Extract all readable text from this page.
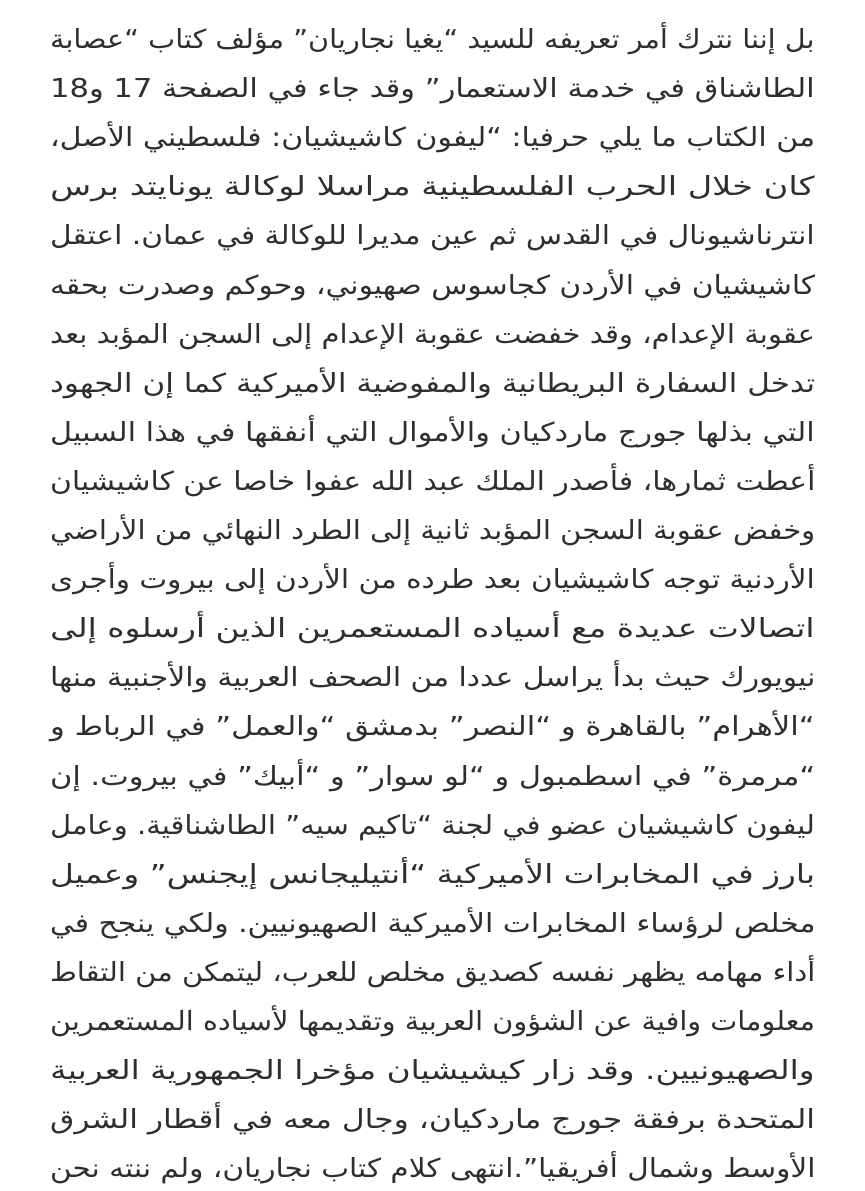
بل إننا نترك أمر تعريفه للسيد “يغيا نجاريان” مؤلف كتاب “عصابة
الطاشناق في خدمة الاستعمار” وقد جاء في الصفحة 17 و18
من الكتاب ما يلي حرفيا: “ليفون كاشيشيان: فلسطيني الأصل،
كان خلال الحرب الفلسطينية مراسلا لوكالة يونايتد برس
انترناشيونال في القدس ثم عين مديرا للوكالة في عمان. اعتقل
كاشيشيان في الأردن كجاسوس صهيوني، وحوكم وصدرت بحقه
عقوبة الإعدام، وقد خفضت عقوبة الإعدام إلى السجن المؤبد بعد
تدخل السفارة البريطانية والمفوضية الأميركية كما إن الجهود
التي بذلها جورج ماردكيان والأموال التي أنفقها في هذا السبيل
أعطت ثمارها، فأصدر الملك عبد الله عفوا خاصا عن كاشيشيان
وخفض عقوبة السجن المؤبد ثانية إلى الطرد النهائي من الأراضي
الأردنية توجه كاشيشيان بعد طرده من الأردن إلى بيروت وأجرى
اتصالات عديدة مع أسياده المستعمرين الذين أرسلوه إلى
نيويورك حيث بدأ يراسل عددا من الصحف العربية والأجنبية منها
“الأهرام” بالقاهرة و “النصر” بدمشق “والعمل” في الرباط و
“مرمرة” في اسطمبول و “لو سوار” و “أبيك” في بيروت. إن
ليفون كاشيشيان عضو في لجنة “تاكيم سيه” الطاشناقية. وعامل
بارز في المخابرات الأميركية “أنتيليجانس إيجنس” وعميل
مخلص لرؤساء المخابرات الأميركية الصهيونيين. ولكي ينجح في
أداء مهامه يظهر نفسه كصديق مخلص للعرب، ليتمكن من التقاط
معلومات وافية عن الشؤون العربية وتقديمها لأسياده المستعمرين
والصهيونيين. وقد زار كيشيشيان مؤخرا الجمهورية العربية
المتحدة برفقة جورج ماردكيان، وجال معه في أقطار الشرق
الأوسط وشمال أفريقيا”.انتهى كلام كتاب نجاريان، ولم ننته نحن
